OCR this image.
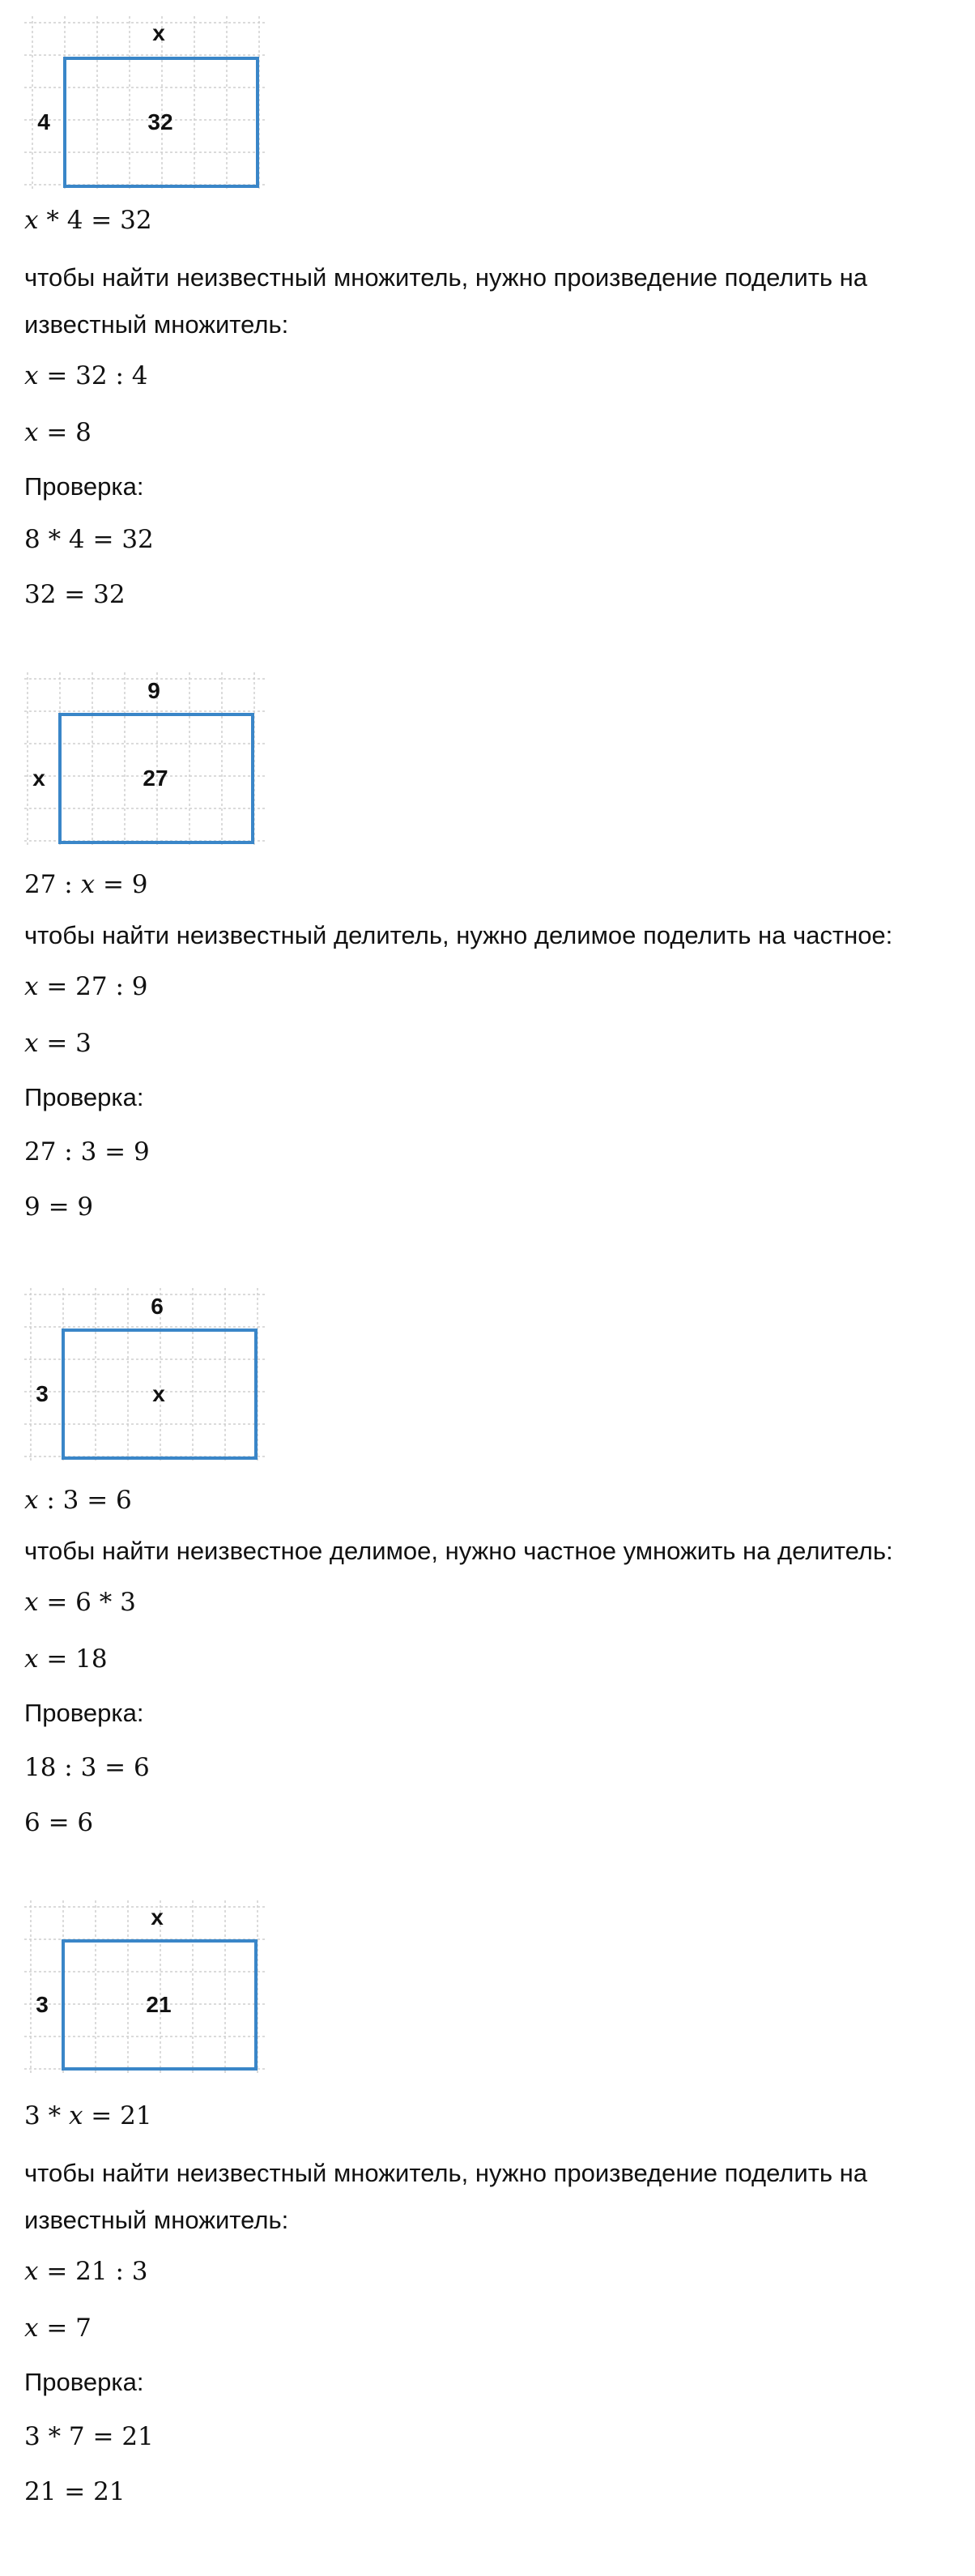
x
4	32
x * 4 = 32
чтобы найти неизвестный множитель, нужно произведение поделить на известный множитель:
x = 32 : 4
x = 8
Проверка:
8 * 4 = 32
32 = 32
9
x	27
27 : x = 9
чтобы найти неизвестный делитель, нужно делимое поделить на частное:
x = 27 : 9
x = 3
Проверка:
27 : 3 = 9
9 = 9
6
3	x
x : 3 = 6
чтобы найти неизвестное делимое, нужно частное умножить на делитель:
x = 6 * 3
x = 18
Проверка:
18 : 3 = 6
6 = 6
x
3	21
3 * x = 21
чтобы найти неизвестный множитель, нужно произведение поделить на известный множитель:
x = 21 : 3
x = 7
Проверка:
3 * 7 = 21
21 = 21
